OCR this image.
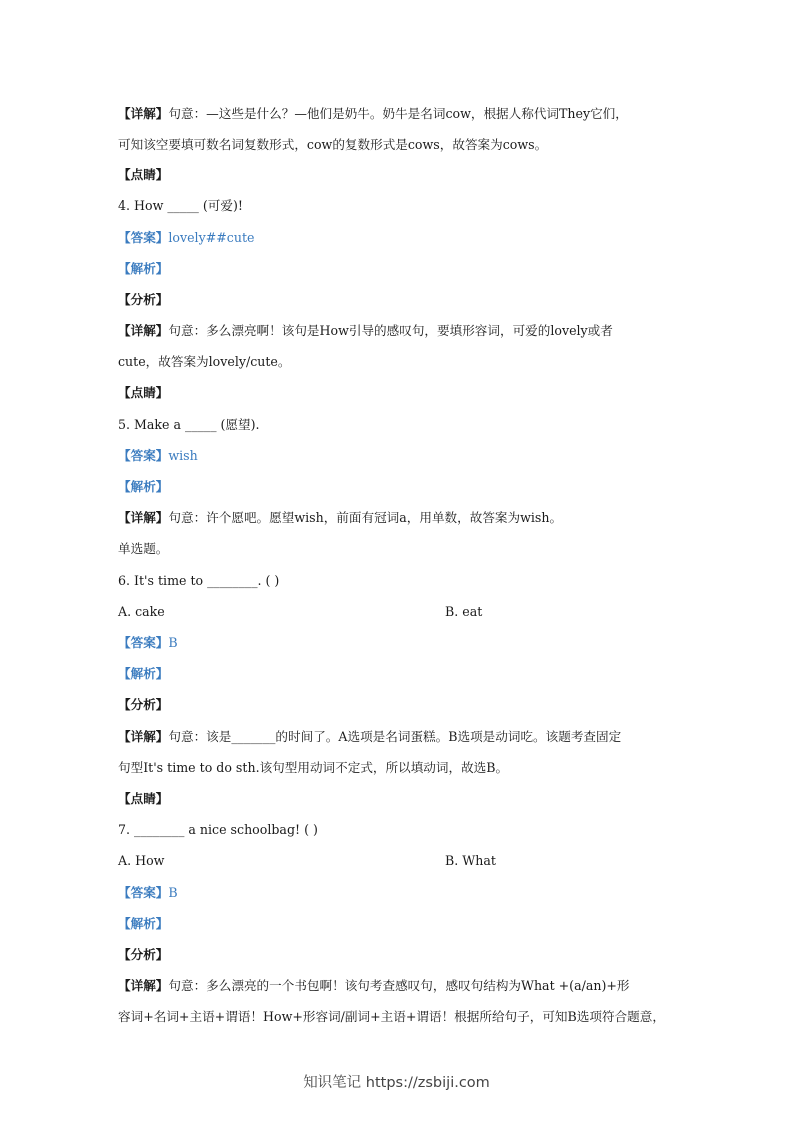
【详解】句意：—这些是什么？—他们是奶牛。奶牛是名词cow，根据人称代词They它们，
可知该空要填可数名词复数形式，cow的复数形式是cows，故答案为cows。
【点睛】
4. How _____ (可爱)!
【答案】lovely##cute
【解析】
【分析】
【详解】句意：多么漂亮啊！该句是How引导的感叹句，要填形容词，可爱的lovely或者
cute，故答案为lovely/cute。
【点睛】
5. Make a _____ (愿望).
【答案】wish
【解析】
【详解】句意：许个愿吧。愿望wish，前面有冠词a，用单数，故答案为wish。
单选题。
6. It's time to ________. ( )
A. cake	B. eat
【答案】B
【解析】
【分析】
【详解】句意：该是_______的时间了。A选项是名词蛋糕。B选项是动词吃。该题考查固定
句型It's time to do sth.该句型用动词不定式，所以填动词，故选B。
【点睛】
7. ________ a nice schoolbag! ( )
A. How	B. What
【答案】B
【解析】
【分析】
【详解】句意：多么漂亮的一个书包啊！该句考查感叹句，感叹句结构为What +(a/an)+形
容词+名词+主语+谓语！How+形容词/副词+主语+谓语！根据所给句子，可知B选项符合题意，
知识笔记 https://zsbiji.com
